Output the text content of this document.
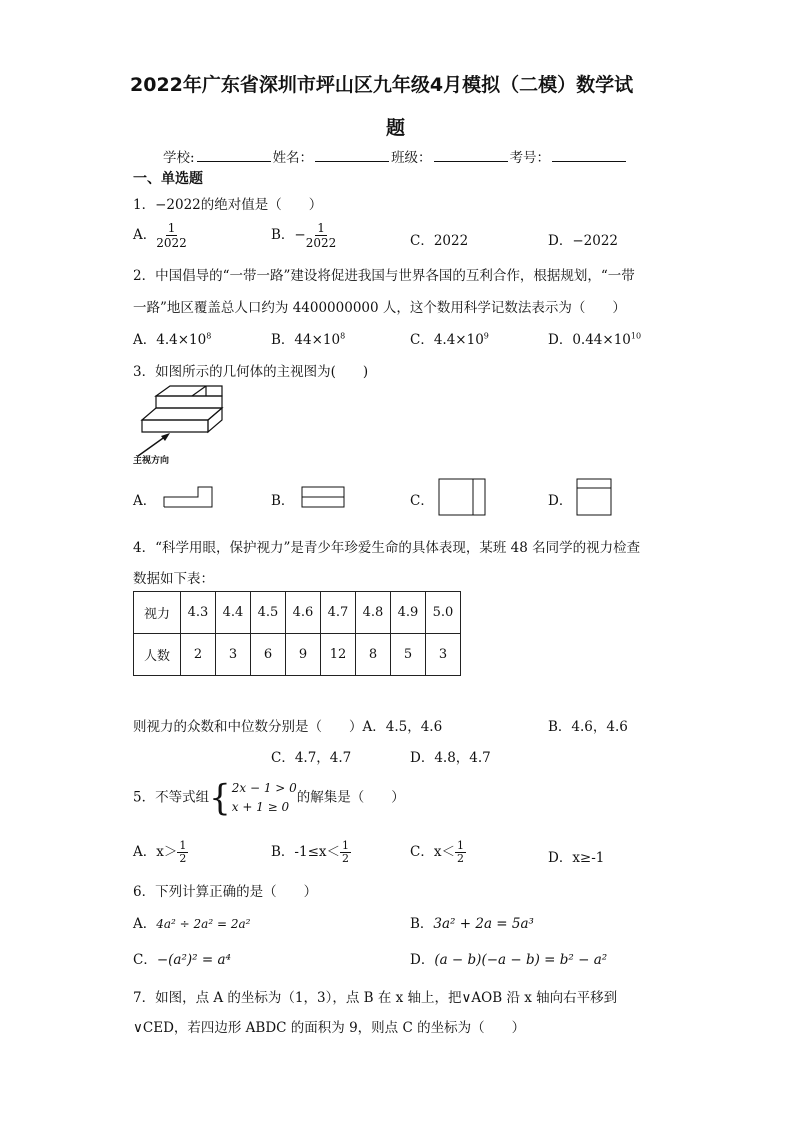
2022年广东省深圳市坪山区九年级4月模拟（二模）数学试
题
学校:	姓名：	班级：	考号：
一、单选题
1．−2022的绝对值是（　　）
A． $\frac{1}{2022}$	B．− $\frac{1}{2022}$	C．2022	D．−2022
2．中国倡导的“一带一路”建设将促进我国与世界各国的互利合作，根据规划，“一带
一路”地区覆盖总人口约为 4400000000 人，这个数用科学记数法表示为（　　）
A．$4.4\times 10^8$	B．$44\times 10^8$	C．$4.4\times 10^9$	D．$0.44\times 10^{10}$
3．如图所示的几何体的主视图为(　　)
主视方向
A．	B．	C．	D．
4．“科学用眼，保护视力”是青少年珍爱生命的具体表现，某班 48 名同学的视力检查
数据如下表：
视力	4.3	4.4	4.5	4.6	4.7	4.8	4.9	5.0
人数	2	3	6	9	12	8	5	3
则视力的众数和中位数分别是（　　）A．4.5，4.6	B．4.6，4.6
C．4.7，4.7	D．4.8，4.7
5．不等式组{ 2x − 1 > 0
x + 1 ≥ 0
的解集是（　　）
A．$x> \frac{1}{2}$	B．$-1\le x< \frac{1}{2}$	C．$x< \frac{1}{2}$	D．x≥-1
6．下列计算正确的是（　　）
A．4a² ÷ 2a² = 2a²	B．3a² + 2a = 5a³
C．−(a²)² = a⁴	D．(a − b)(−a − b) = b² − a²
7．如图，点 A 的坐标为（1，3），点 B 在 x 轴上，把∨AOB 沿 x 轴向右平移到
∨CED，若四边形 ABDC 的面积为 9，则点 C 的坐标为（　　）
